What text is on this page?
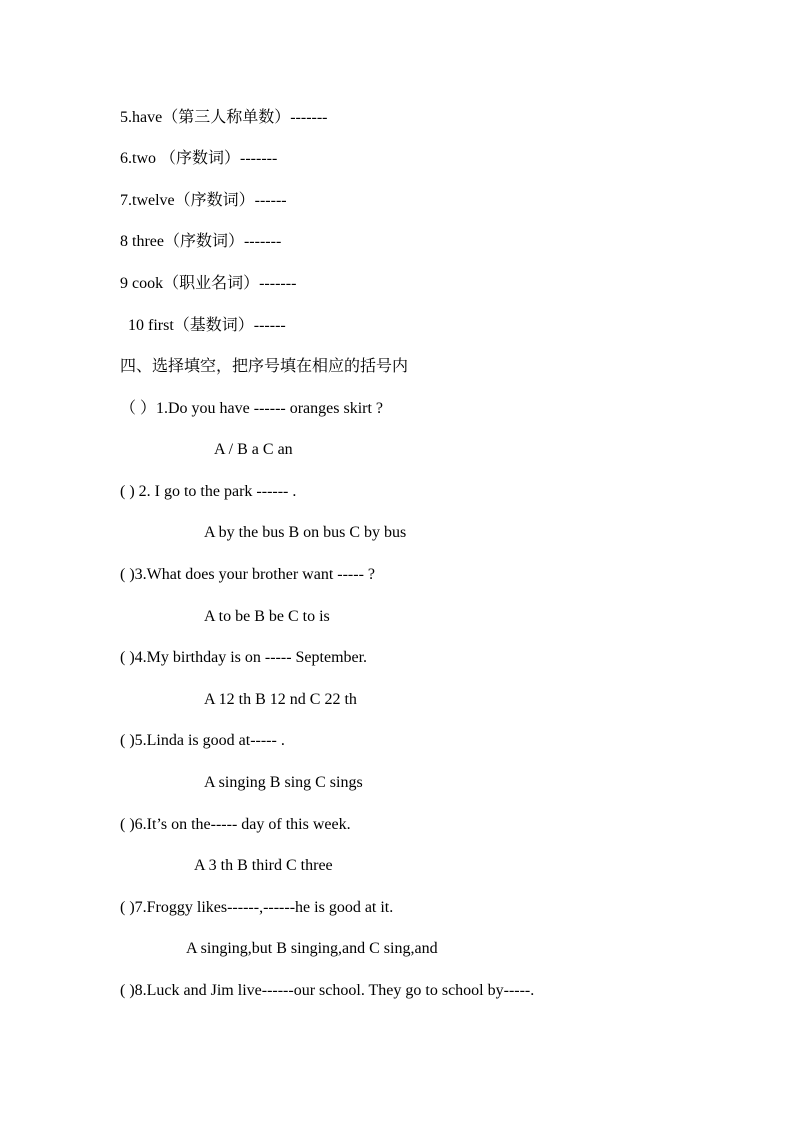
5.have（第三人称单数）-------
6.two （序数词）-------
7.twelve（序数词）------
8 three（序数词）-------
9 cook（职业名词）-------
10 first（基数词）------
四、选择填空，把序号填在相应的括号内
（ ）1.Do you have ------ oranges skirt ?
A / B a C an
( ) 2. I go to the park ------ .
A by the bus B on bus C by bus
( )3.What does your brother want ----- ?
A to be B be C to is
( )4.My birthday is on ----- September.
A 12 th B 12 nd C 22 th
( )5.Linda is good at----- .
A singing B sing C sings
( )6.It’s on the----- day of this week.
A 3 th B third C three
( )7.Froggy likes------,------he is good at it.
A singing,but B singing,and C sing,and
( )8.Luck and Jim live------our school. They go to school by-----.
